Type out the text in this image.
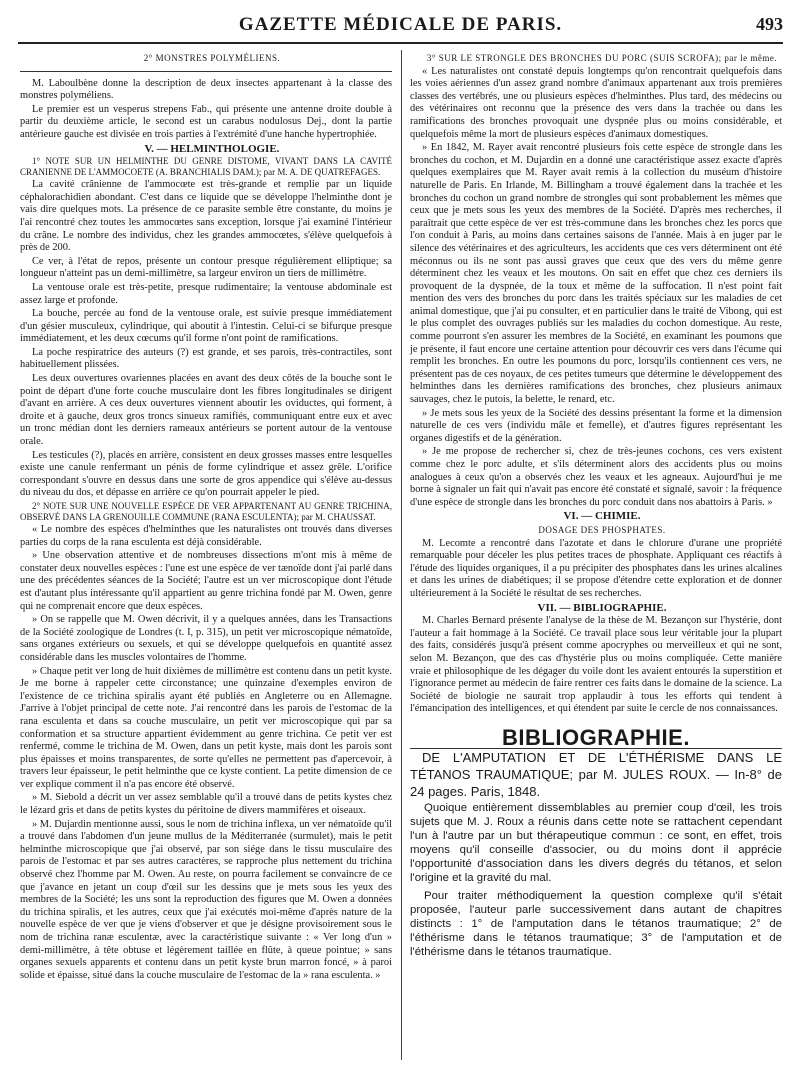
GAZETTE MÉDICALE DE PARIS.	493

2° MONSTRES POLYMÉLIENS.

M. Laboulbène donne la description de deux insectes appartenant à la classe des monstres polyméliens.

Le premier est un vesperus strepens Fab., qui présente une antenne droite double à partir du deuxième article, le second est un carabus nodulosus Dej., dont la partie antérieure gauche est divisée en trois parties à l'extrémité d'une hanche hypertrophiée.

V. — HELMINTHOLOGIE.

1° NOTE SUR UN HELMINTHE DU GENRE DISTOME, VIVANT DANS LA CAVITÉ CRANIENNE DE L'AMMOCOETE (A. BRANCHIALIS DAM.); par M. A. DE QUATREFAGES.

La cavité crânienne de l'ammocœte est très-grande et remplie par un liquide céphalorachidien abondant. C'est dans ce liquide que se développe l'helminthe dont je vais dire quelques mots. La présence de ce parasite semble être constante, du moins je l'ai rencontré chez toutes les ammocœtes sans exception, lorsque j'ai examiné l'intérieur du crâne. Le nombre des individus, chez les grandes ammocœtes, s'élève quelquefois à près de 200.

Ce ver, à l'état de repos, présente un contour presque régulièrement elliptique; sa longueur n'atteint pas un demi-millimètre, sa largeur environ un tiers de millimètre.

La ventouse orale est très-petite, presque rudimentaire; la ventouse abdominale est assez large et profonde.

La bouche, percée au fond de la ventouse orale, est suivie presque immédiatement d'un gésier musculeux, cylindrique, qui aboutit à l'intestin. Celui-ci se bifurque presque immédiatement, et les deux cœcums qu'il forme n'ont point de ramifications.

La poche respiratrice des auteurs (?) est grande, et ses parois, très-contractiles, sont habituellement plissées.

Les deux ouvertures ovariennes placées en avant des deux côtés de la bouche sont le point de départ d'une forte couche musculaire dont les fibres longitudinales se dirigent d'avant en arrière. A ces deux ouvertures viennent aboutir les oviductes, qui forment, à droite et à gauche, deux gros troncs sinueux ramifiés, communiquant entre eux et avec un tronc médian dont les derniers rameaux antérieurs se portent autour de la ventouse orale.

Les testicules (?), placés en arrière, consistent en deux grosses masses entre lesquelles existe une canule renfermant un pénis de forme cylindrique et assez grêle. L'orifice correspondant s'ouvre en dessus dans une sorte de gros appendice qui s'élève au-dessus du niveau du dos, et dépasse en arrière ce qu'on pourrait appeler le pied.

2° NOTE SUR UNE NOUVELLE ESPÈCE DE VER APPARTENANT AU GENRE TRICHINA, OBSERVÉ DANS LA GRENOUILLE COMMUNE (RANA ESCULENTA); par M. CHAUSSAT.

« Le nombre des espèces d'helminthes que les naturalistes ont trouvés dans diverses parties du corps de la rana esculenta est déjà considérable.

» Une observation attentive et de nombreuses dissections m'ont mis à même de constater deux nouvelles espèces : l'une est une espèce de ver tænoïde dont j'ai parlé dans une des précédentes séances de la Société; l'autre est un ver microscopique dont l'étude est d'autant plus intéressante qu'il appartient au genre trichina fondé par M. Owen, genre qui ne comprenait encore que deux espèces.

» On se rappelle que M. Owen décrivit, il y a quelques années, dans les Transactions de la Société zoologique de Londres (t. I, p. 315), un petit ver microscopique nématoïde, sans organes extérieurs ou sexuels, et qui se développe quelquefois en quantité assez considérable dans les muscles volontaires de l'homme.

» Chaque petit ver long de huit dixièmes de millimètre est contenu dans un petit kyste. Je me borne à rappeler cette circonstance; une quinzaine d'exemples environ de l'existence de ce trichina spiralis ayant été publiés en Angleterre ou en Allemagne. J'arrive à l'objet principal de cette note. J'ai rencontré dans les parois de l'estomac de la rana esculenta et dans sa couche musculaire, un petit ver microscopique qui par sa conformation et sa structure appartient évidemment au genre trichina. Ce petit ver est renfermé, comme le trichina de M. Owen, dans un petit kyste, mais dont les parois sont plus épaisses et moins transparentes, de sorte qu'elles ne permettent pas d'apercevoir, à travers leur épaisseur, le petit helminthe que ce kyste contient. La petite dimension de ce ver explique comment il n'a pas encore été observé.

» M. Siebold a décrit un ver assez semblable qu'il a trouvé dans de petits kystes chez le lézard gris et dans de petits kystes du péritoine de divers mammifères et oiseaux.

» M. Dujardin mentionne aussi, sous le nom de trichina inflexa, un ver nématoïde qu'il a trouvé dans l'abdomen d'un jeune mullus de la Méditerranée (surmulet), mais le petit helminthe microscopique que j'ai observé, par son siége dans le tissu musculaire des parois de l'estomac et par ses autres caractères, se rapproche plus nettement du trichina observé chez l'homme par M. Owen. Au reste, on pourra facilement se convaincre de ce que j'avance en jetant un coup d'œil sur les dessins que je mets sous les yeux des membres de la Société; les uns sont la reproduction des figures que M. Owen a données du trichina spiralis, et les autres, ceux que j'ai exécutés moi-même d'après nature de la nouvelle espèce de ver que je viens d'observer et que je désigne provisoirement sous le nom de trichina ranæ esculentæ, avec la caractéristique suivante : « Ver long d'un » demi-millimètre, à tête obtuse et légèrement taillée en flûte, à queue pointue; » sans organes sexuels apparents et contenu dans un petit kyste brun marron foncé, » à paroi solide et épaisse, situé dans la couche musculaire de l'estomac de la » rana esculenta. »

3° SUR LE STRONGLE DES BRONCHES DU PORC (SUIS SCROFA); par le même.

« Les naturalistes ont constaté depuis longtemps qu'on rencontrait quelquefois dans les voies aériennes d'un assez grand nombre d'animaux appartenant aux trois premières classes des vertébrés, une ou plusieurs espèces d'helminthes. Plus tard, des médecins ou des vétérinaires ont reconnu que la présence des vers dans la trachée ou dans les ramifications des bronches provoquait une dyspnée plus ou moins considérable, et quelquefois même la mort de plusieurs espèces d'animaux domestiques.

» En 1842, M. Rayer avait rencontré plusieurs fois cette espèce de strongle dans les bronches du cochon, et M. Dujardin en a donné une caractéristique assez exacte d'après quelques exemplaires que M. Rayer avait remis à la collection du muséum d'histoire naturelle de Paris. En Irlande, M. Billingham a trouvé également dans la trachée et les bronches du cochon un grand nombre de strongles qui sont probablement les mêmes que ceux que je mets sous les yeux des membres de la Société. D'après mes recherches, il paraîtrait que cette espèce de ver est très-commune dans les bronches chez les porcs que l'on conduit à Paris, au moins dans certaines saisons de l'année. Mais à en juger par le silence des vétérinaires et des agriculteurs, les accidents que ces vers déterminent ont été méconnus ou ils ne sont pas aussi graves que ceux que des vers du même genre déterminent chez les veaux et les moutons. On sait en effet que chez ces derniers ils provoquent de la dyspnée, de la toux et même de la suffocation. Il n'est point fait mention des vers des bronches du porc dans les traités spéciaux sur les maladies de cet animal domestique, que j'ai pu consulter, et en particulier dans le traité de Vibong, qui est le plus complet des ouvrages publiés sur les maladies du cochon domestique. Au reste, comme pourront s'en assurer les membres de la Société, en examinant les poumons que je présente, il faut encore une certaine attention pour découvrir ces vers dans l'écume qui remplit les bronches. En outre les poumons du porc, lorsqu'ils contiennent ces vers, ne présentent pas de ces noyaux, de ces petites tumeurs que détermine le développement des helminthes dans les dernières ramifications des bronches, chez plusieurs animaux sauvages, chez le putois, la belette, le renard, etc.

» Je mets sous les yeux de la Société des dessins présentant la forme et la dimension naturelle de ces vers (individu mâle et femelle), et d'autres figures représentant les organes digestifs et de la génération.

» Je me propose de rechercher si, chez de très-jeunes cochons, ces vers existent comme chez le porc adulte, et s'ils déterminent alors des accidents plus ou moins analogues à ceux qu'on a observés chez les veaux et les agneaux. Aujourd'hui je me borne à signaler un fait qui n'avait pas encore été constaté et signalé, savoir : la fréquence d'une espèce de strongle dans les bronches du porc conduit dans nos abattoirs à Paris. »

VI. — CHIMIE.

DOSAGE DES PHOSPHATES.

M. Lecomte a rencontré dans l'azotate et dans le chlorure d'urane une propriété remarquable pour déceler les plus petites traces de phosphate. Appliquant ces réactifs à l'étude des liquides organiques, il a pu précipiter des phosphates dans les urines alcalines et dans les urines de diabétiques; il se propose d'étendre cette exploration et de donner ultérieurement à la Société le résultat de ses recherches.

VII. — BIBLIOGRAPHIE.

M. Charles Bernard présente l'analyse de la thèse de M. Bezançon sur l'hystérie, dont l'auteur a fait hommage à la Société. Ce travail place sous leur véritable jour la plupart des faits, considérés jusqu'à présent comme apocryphes ou merveilleux et qui ne sont, selon M. Bezançon, que des cas d'hystérie plus ou moins compliquée. Cette manière vraie et philosophique de les dégager du voile dont les avaient entourés la superstition et l'ignorance permet au médecin de faire rentrer ces faits dans le domaine de la science. La Société de biologie ne saurait trop applaudir à tous les efforts qui tendent à l'émancipation des intelligences, et qui étendent par suite le cercle de nos connaissances.

BIBLIOGRAPHIE.

DE L'AMPUTATION ET DE L'ÉTHÉRISME DANS LE TÉTANOS TRAUMATIQUE; par M. JULES ROUX. — In-8° de 24 pages. Paris, 1848.

Quoique entièrement dissemblables au premier coup d'œil, les trois sujets que M. J. Roux a réunis dans cette note se rattachent cependant l'un à l'autre par un but thérapeutique commun : ce sont, en effet, trois moyens qu'il conseille d'associer, ou du moins dont il apprécie l'opportunité d'association dans les divers degrés du tétanos, et selon l'origine et la gravité du mal.

Pour traiter méthodiquement la question complexe qu'il s'était proposée, l'auteur parle successivement dans autant de chapitres distincts : 1° de l'amputation dans le tétanos traumatique; 2° de l'éthérisme dans le tétanos traumatique; 3° de l'amputation et de l'éthérisme dans le tétanos traumatique.
